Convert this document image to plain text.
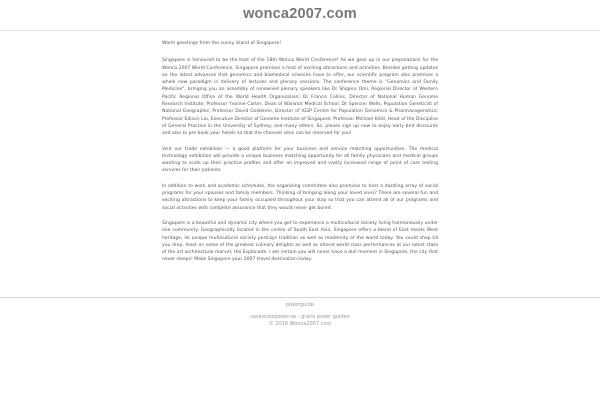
wonca2007.com

Warm greetings from the sunny island of Singapore!

Singapore is honoured to be the host of the 18th Wonca World Conference! As we gear up in our preparations for the Wonca 2007 World Conference, Singapore promises a host of exciting attractions and activities. Besides getting updates on the latest advances that genomics and biomedical sciences have to offer, our scientific program also promises a whole new paradigm in delivery of lectures and plenary sessions. The conference theme is "Genomics and Family Medicine", bringing you an assembly of renowned plenary speakers like Dr Shigeru Omi, Regional Director of Western Pacific Regional Office of the World Health Organisation; Dr Francis Collins, Director of National Human Genome Research Institute; Professor Yvonne Carter, Dean of Warwick Medical School; Dr Spencer Wells, Population Geneticist of National Geographic; Professor David Goldstein, Director of IGSP Centre for Population Genomics & Pharmacogenetics; Professor Edison Liu, Executive Director of Genome Institute of Singapore; Professor Michael Kidd, Head of the Discipline of General Practice in the University of Sydney; and many others. So, please sign up now to enjoy early bird discounts and also to pre book your hotels so that the choicest sites can be reserved for you!

Visit our trade exhibition — a good platform for your business and service matching opportunities. The medical technology exhibition will provide a unique business matching opportunity for all family physicians and medical groups wanting to scale up their practice profiles and offer an improved and vastly increased range of point of care testing services for their patients.

In addition to work and academic schedules, the organizing committee also promises to host a dazzling array of social programs for your spouses and family members. Thinking of bringing along your loved ones? There are several fun and exciting attractions to keep your family occupied throughout your stay so that you can attend all of our programs and social activities with complete assurance that they would never get bored.

Singapore is a beautiful and dynamic city where you get to experience a multicultural society living harmoniously under one community. Geographically located in the centre of South East Asia, Singapore offers a blend of East meets West heritage, its unique multicultural society portrays tradition as well as modernity of the world today. You could shop till you drop, feast on some of the greatest culinary delights as well as attend world class performances at our latest state of the art architectural marvel, the Esplanade. I am certain you will never have a dull moment in Singapore, the city that never sleeps! Make Singapore your 2007 travel destination today.

pokerguide
casinoslotpoker.se - gratis poker guiden
© 2016 Wonca2007.com
